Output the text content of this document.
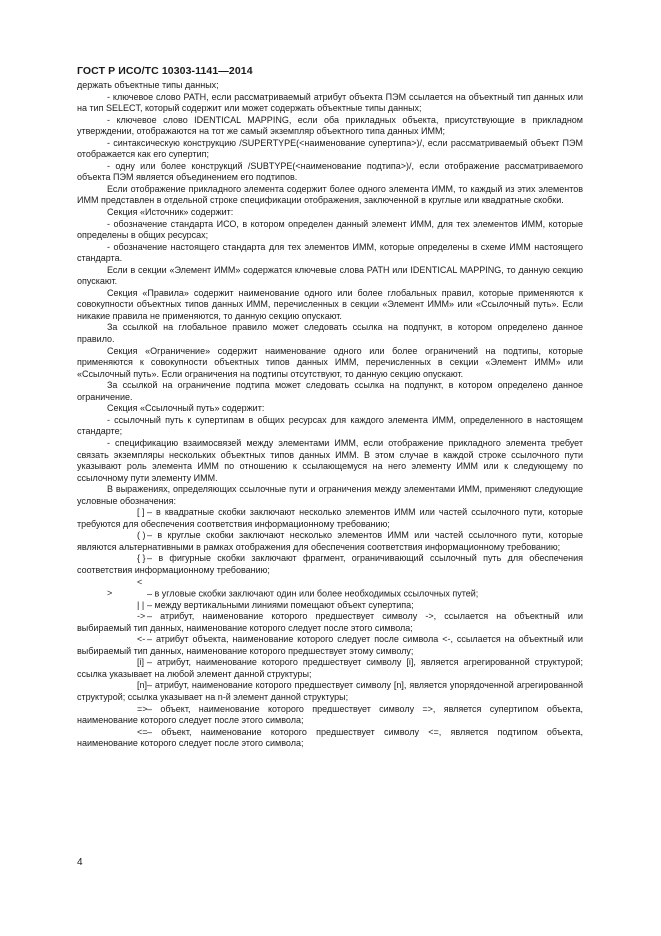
ГОСТ Р ИСО/ТС 10303-1141—2014

держать объектные типы данных;

- ключевое слово PATH, если рассматриваемый атрибут объекта ПЭМ ссылается на объектный тип данных или на тип SELECT, который содержит или может содержать объектные типы данных;

- ключевое слово IDENTICAL MAPPING, если оба прикладных объекта, присутствующие в прикладном утверждении, отображаются на тот же самый экземпляр объектного типа данных ИММ;

- синтаксическую конструкцию /SUPERTYPE(<наименование супертипа>)/, если рассматриваемый объект ПЭМ отображается как его супертип;

- одну или более конструкций /SUBTYPE(<наименование подтипа>)/, если отображение рассматриваемого объекта ПЭМ является объединением его подтипов.

Если отображение прикладного элемента содержит более одного элемента ИММ, то каждый из этих элементов ИММ представлен в отдельной строке спецификации отображения, заключенной в круглые или квадратные скобки.

Секция «Источник» содержит:

- обозначение стандарта ИСО, в котором определен данный элемент ИММ, для тех элементов ИММ, которые определены в общих ресурсах;

- обозначение настоящего стандарта для тех элементов ИММ, которые определены в схеме ИММ настоящего стандарта.

Если в секции «Элемент ИММ» содержатся ключевые слова PATH или IDENTICAL MAPPING, то данную секцию опускают.

Секция «Правила» содержит наименование одного или более глобальных правил, которые применяются к совокупности объектных типов данных ИММ, перечисленных в секции «Элемент ИММ» или «Ссылочный путь». Если никакие правила не применяются, то данную секцию опускают.

За ссылкой на глобальное правило может следовать ссылка на подпункт, в котором определено данное правило.

Секция «Ограничение» содержит наименование одного или более ограничений на подтипы, которые применяются к совокупности объектных типов данных ИММ, перечисленных в секции «Элемент ИММ» или «Ссылочный путь». Если ограничения на подтипы отсутствуют, то данную секцию опускают.

За ссылкой на ограничение подтипа может следовать ссылка на подпункт, в котором определено данное ограничение.

Секция «Ссылочный путь» содержит:

- ссылочный путь к супертипам в общих ресурсах для каждого элемента ИММ, определенного в настоящем стандарте;

- спецификацию взаимосвязей между элементами ИММ, если отображение прикладного элемента требует связать экземпляры нескольких объектных типов данных ИММ. В этом случае в каждой строке ссылочного пути указывают роль элемента ИММ по отношению к ссылающемуся на него элементу ИММ или к следующему по ссылочному пути элементу ИММ.

В выражениях, определяющих ссылочные пути и ограничения между элементами ИММ, применяют следующие условные обозначения:

[ ] – в квадратные скобки заключают несколько элементов ИММ или частей ссылочного пути, которые требуются для обеспечения соответствия информационному требованию;

( ) – в круглые скобки заключают несколько элементов ИММ или частей ссылочного пути, которые являются альтернативными в рамках отображения для обеспечения соответствия информационному требованию;

{ }– в фигурные скобки заключают фрагмент, ограничивающий ссылочный путь для обеспечения соответствия информационному требованию;

< >	– в угловые скобки заключают один или более необходимых ссылочных путей;

| | – между вертикальными линиями помещают объект супертипа;

-> – атрибут, наименование которого предшествует символу ->, ссылается на объектный или выбираемый тип данных, наименование которого следует после этого символа;

<- – атрибут объекта, наименование которого следует после символа <-, ссылается на объектный или выбираемый тип данных, наименование которого предшествует этому символу;

[i] – атрибут, наименование которого предшествует символу [i], является агрегированной структурой; ссылка указывает на любой элемент данной структуры;

[n]– атрибут, наименование которого предшествует символу [n], является упорядоченной агрегированной структурой; ссылка указывает на n-й элемент данной структуры;

=>– объект, наименование которого предшествует символу =>, является супертипом объекта, наименование которого следует после этого символа;

<=– объект, наименование которого предшествует символу <=, является подтипом объекта, наименование которого следует после этого символа;

4
